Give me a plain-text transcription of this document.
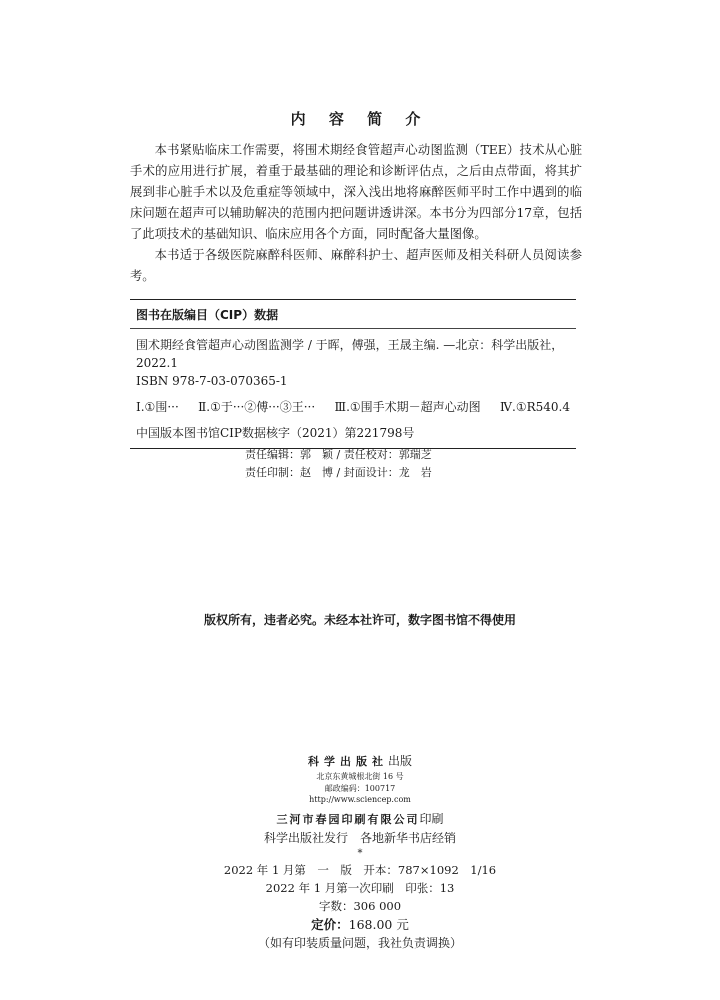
内 容 简 介

本书紧贴临床工作需要，将围术期经食管超声心动图监测（TEE）技术从心脏手术的应用进行扩展，着重于最基础的理论和诊断评估点，之后由点带面，将其扩展到非心脏手术以及危重症等领域中，深入浅出地将麻醉医师平时工作中遇到的临床问题在超声可以辅助解决的范围内把问题讲透讲深。本书分为四部分17章，包括了此项技术的基础知识、临床应用各个方面，同时配备大量图像。

本书适于各级医院麻醉科医师、麻醉科护士、超声医师及相关科研人员阅读参考。

图书在版编目（CIP）数据
围术期经食管超声心动图监测学 / 于晖，傅强，王晟主编. —北京：科学出版社，
2022.1
ISBN 978-7-03-070365-1
Ⅰ.①围··· Ⅱ.①于···②傅···③王··· Ⅲ.①围手术期－超声心动图 Ⅳ.①R540.4
中国版本图书馆CIP数据核字（2021）第221798号
责任编辑：郭　颖 / 责任校对：郭瑞芝
责任印制：赵　博 / 封面设计：龙　岩
版权所有，违者必究。未经本社许可，数字图书馆不得使用
科学出版社出版
北京东黄城根北街 16 号
邮政编码：100717
http://www.sciencep.com
三河市春园印刷有限公司印刷
科学出版社发行　各地新华书店经销
*
2022 年 1 月第　一　版　开本：787×1092　1/16
2022 年 1 月第一次印刷　印张：13
字数：306 000
定价：168.00 元
（如有印装质量问题，我社负责调换）
